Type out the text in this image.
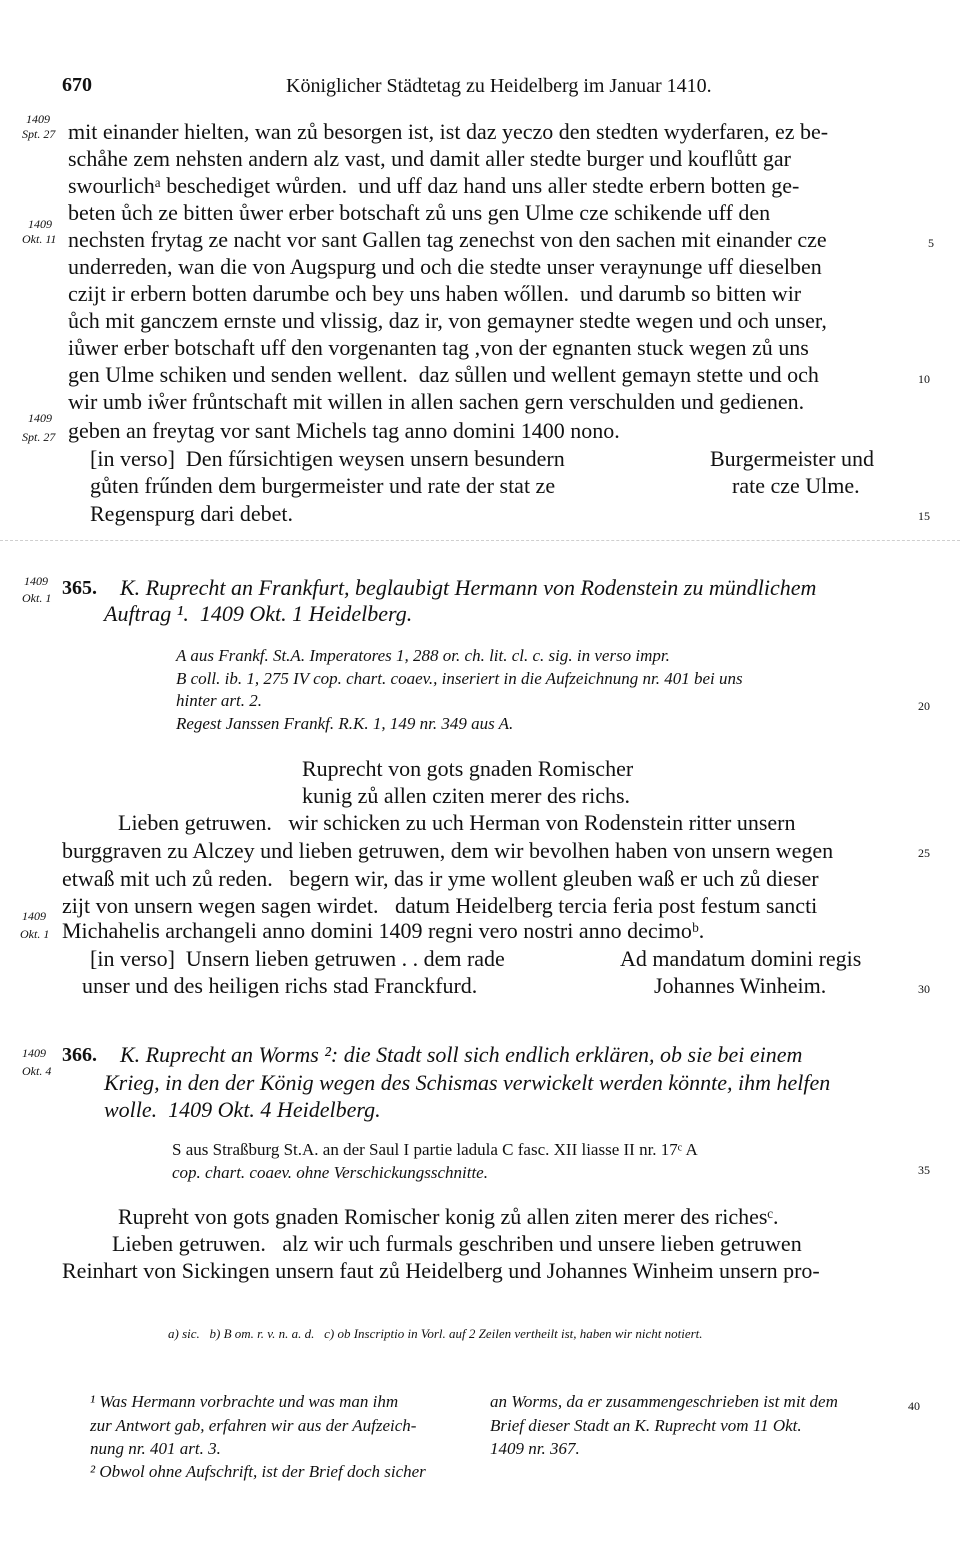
670	Königlicher Städtetag zu Heidelberg im Januar 1410.
1409
Spt. 27
1409
Okt. 11
1409
Spt. 27
1409
Okt. 1
1409
Okt. 1
1409
Okt. 4
5
10
15
20
25
30
35
40
mit einander hielten, wan zů besorgen ist, ist daz yeczo den stedten wyderfaren, ez be-
schåhe zem nehsten andern alz vast, und damit aller stedte burger und kouflůtt gar
swourlichᵃ beschediget wůrden.  und uff daz hand uns aller stedte erbern botten ge-
beten ůch ze bitten ůwer erber botschaft zů uns gen Ulme cze schikende uff den
nechsten frytag ze nacht vor sant Gallen tag zenechst von den sachen mit einander cze
underreden, wan die von Augspurg und och die stedte unser veraynunge uff dieselben
czijt ir erbern botten darumbe och bey uns haben wőllen.  und darumb so bitten wir
ůch mit ganczem ernste und vlissig, daz ir, von gemayner stedte wegen und och unser,
iůwer erber botschaft uff den vorgenanten tag ,von der egnanten stuck wegen zů uns
gen Ulme schiken und senden wellent.  daz sůllen und wellent gemayn stette und och
wir umb iẘer frůntschaft mit willen in allen sachen gern verschulden und gedienen.
geben an freytag vor sant Michels tag anno domini 1400 nono.
[in verso]  Den fűrsichtigen weysen unsern besundern
gůten frűnden dem burgermeister und rate der stat ze
Regenspurg dari debet.
Burgermeister und
rate cze Ulme.
365. K. Ruprecht an Frankfurt, beglaubigt Hermann von Rodenstein zu mündlichem
Auftrag ¹.  1409 Okt. 1 Heidelberg.
A aus Frankf. St.A. Imperatores 1, 288 or. ch. lit. cl. c. sig. in verso impr.
B coll. ib. 1, 275 IV cop. chart. coaev., inseriert in die Aufzeichnung nr. 401 bei uns
hinter art. 2.
Regest Janssen Frankf. R.K. 1, 149 nr. 349 aus A.
Ruprecht von gots gnaden Romischer
kunig zů allen cziten merer des richs.
Lieben getruwen.   wir schicken zu uch Herman von Rodenstein ritter unsern
burggraven zu Alczey und lieben getruwen, dem wir bevolhen haben von unsern wegen
etwaß mit uch zů reden.   begern wir, das ir yme wollent gleuben waß er uch zů dieser
zijt von unsern wegen sagen wirdet.   datum Heidelberg tercia feria post festum sancti
Michahelis archangeli anno domini 1409 regni vero nostri anno decimoᵇ.
[in verso]  Unsern lieben getruwen . . dem rade
unser und des heiligen richs stad Franckfurd.
Ad mandatum domini regis
Johannes Winheim.
366. K. Ruprecht an Worms ²: die Stadt soll sich endlich erklären, ob sie bei einem
Krieg, in den der König wegen des Schismas verwickelt werden könnte, ihm helfen
wolle.  1409 Okt. 4 Heidelberg.
S aus Straßburg St.A. an der Saul I partie ladula C fasc. XII liasse II nr. 17ᶜ A
cop. chart. coaev. ohne Verschickungsschnitte.
Rupreht von gots gnaden Romischer konig zů allen ziten merer des richesᶜ.
Lieben getruwen.   alz wir uch furmals geschriben und unsere lieben getruwen
Reinhart von Sickingen unsern faut zů Heidelberg und Johannes Winheim unsern pro-
a) sic.   b) B om. r. v. n. a. d.   c) ob Inscriptio in Vorl. auf 2 Zeilen vertheilt ist, haben wir nicht notiert.
¹ Was Hermann vorbrachte und was man ihm
zur Antwort gab, erfahren wir aus der Aufzeich-
nung nr. 401 art. 3.
² Obwol ohne Aufschrift, ist der Brief doch sicher
an Worms, da er zusammengeschrieben ist mit dem
Brief dieser Stadt an K. Ruprecht vom 11 Okt.
1409 nr. 367.
